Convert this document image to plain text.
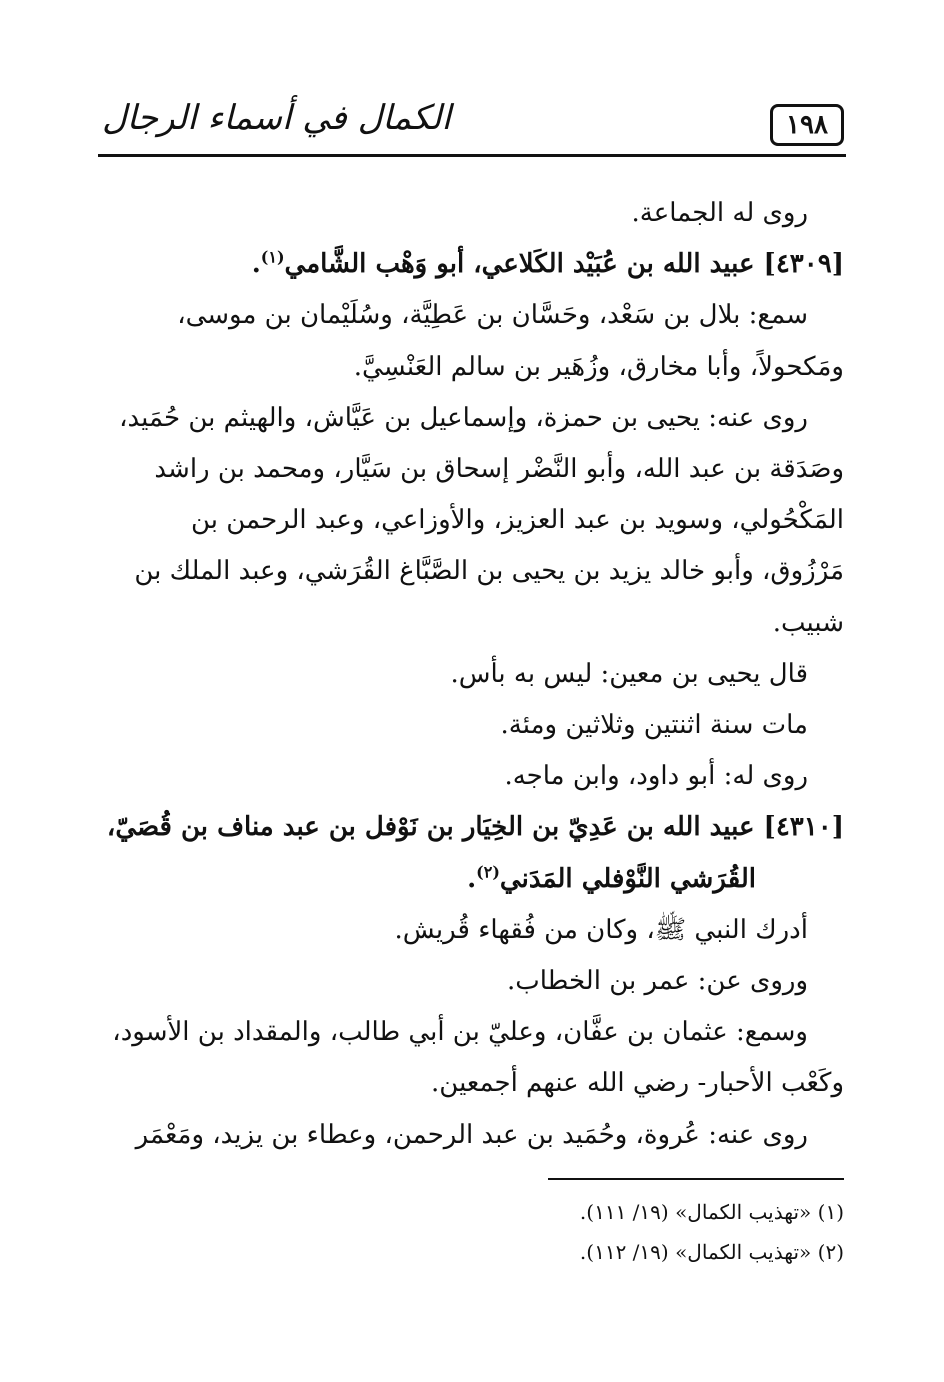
الكمال في أسماء الرجال	١٩٨

روى له الجماعة.

[٤٣٠٩] عبيد الله بن عُبَيْد الكَلاعي، أبو وَهْب الشَّامي$^{(١)}$.

سمع: بلال بن سَعْد، وحَسَّان بن عَطِيَّة، وسُلَيْمان بن موسى،

ومَكحولاً، وأبا مخارق، وزُهَير بن سالم العَنْسِيَّ.

روى عنه: يحيى بن حمزة، وإسماعيل بن عَيَّاش، والهيثم بن حُمَيد،

وصَدَقة بن عبد الله، وأبو النَّضْر إسحاق بن سَيَّار، ومحمد بن راشد

المَكْحُولي، وسويد بن عبد العزيز، والأوزاعي، وعبد الرحمن بن

مَرْزُوق، وأبو خالد يزيد بن يحيى بن الصَّبَّاغ القُرَشي، وعبد الملك بن

شبيب.

قال يحيى بن معين: ليس به بأس.

مات سنة اثنتين وثلاثين ومئة.

روى له: أبو داود، وابن ماجه.

[٤٣١٠] عبيد الله بن عَدِيّ بن الخِيَار بن نَوْفل بن عبد مناف بن قُصَيّ،

القُرَشي النَّوْفلي المَدَني$^{(٢)}$.

أدرك النبي ﷺ، وكان من فُقهاء قُريش.

وروى عن: عمر بن الخطاب.

وسمع: عثمان بن عفَّان، وعليّ بن أبي طالب، والمقداد بن الأسود،

وكَعْب الأحبار- رضي الله عنهم أجمعين.

روى عنه: عُروة، وحُمَيد بن عبد الرحمن، وعطاء بن يزيد، ومَعْمَر

(١) «تهذيب الكمال» (١٩/ ١١١).

(٢) «تهذيب الكمال» (١٩/ ١١٢).
